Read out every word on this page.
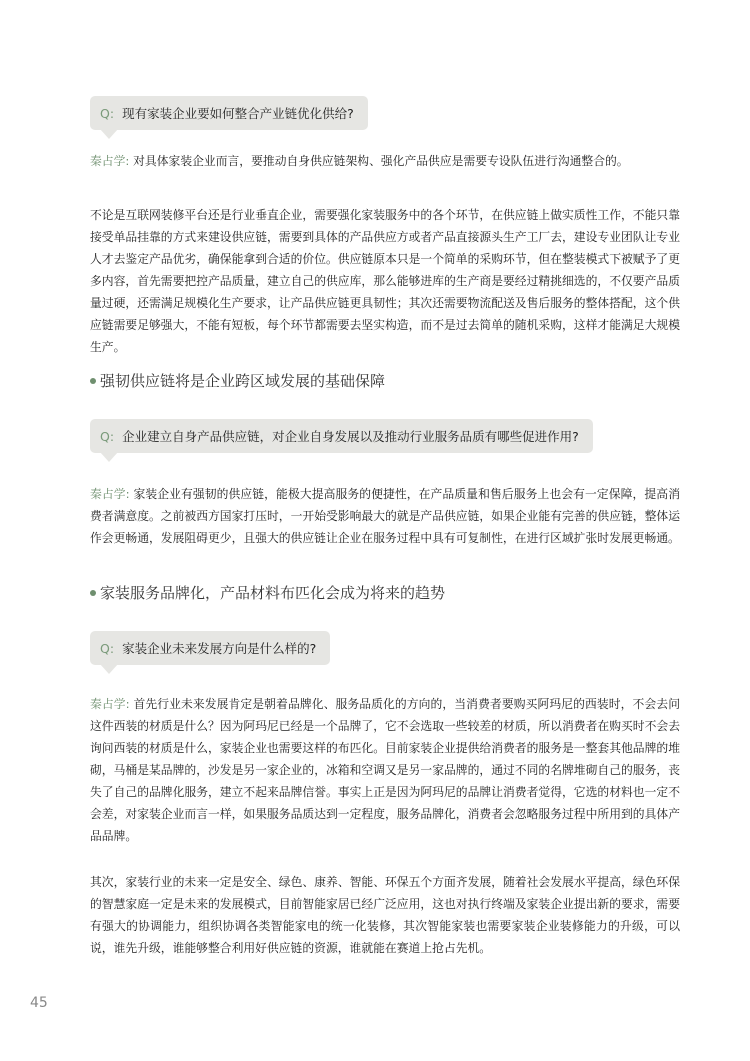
Q: 现有家装企业要如何整合产业链优化供给?

秦占学: 对具体家装企业而言，要推动自身供应链架构、强化产品供应是需要专设队伍进行沟通整合的。

不论是互联网装修平台还是行业垂直企业，需要强化家装服务中的各个环节，在供应链上做实质性工作，不能只靠接受单品挂靠的方式来建设供应链，需要到具体的产品供应方或者产品直接源头生产工厂去，建设专业团队让专业人才去鉴定产品优劣，确保能拿到合适的价位。供应链原本只是一个简单的采购环节，但在整装模式下被赋予了更多内容，首先需要把控产品质量，建立自己的供应库，那么能够进库的生产商是要经过精挑细选的，不仅要产品质量过硬，还需满足规模化生产要求，让产品供应链更具韧性；其次还需要物流配送及售后服务的整体搭配，这个供应链需要足够强大，不能有短板，每个环节都需要去坚实构造，而不是过去简单的随机采购，这样才能满足大规模生产。

强韧供应链将是企业跨区域发展的基础保障
Q: 企业建立自身产品供应链，对企业自身发展以及推动行业服务品质有哪些促进作用?

秦占学: 家装企业有强韧的供应链，能极大提高服务的便捷性，在产品质量和售后服务上也会有一定保障，提高消费者满意度。之前被西方国家打压时，一开始受影响最大的就是产品供应链，如果企业能有完善的供应链，整体运作会更畅通，发展阻碍更少，且强大的供应链让企业在服务过程中具有可复制性，在进行区域扩张时发展更畅通。

家装服务品牌化，产品材料布匹化会成为将来的趋势
Q: 家装企业未来发展方向是什么样的?

秦占学: 首先行业未来发展肯定是朝着品牌化、服务品质化的方向的，当消费者要购买阿玛尼的西装时，不会去问这件西装的材质是什么？因为阿玛尼已经是一个品牌了，它不会选取一些较差的材质，所以消费者在购买时不会去询问西装的材质是什么，家装企业也需要这样的布匹化。目前家装企业提供给消费者的服务是一整套其他品牌的堆砌，马桶是某品牌的，沙发是另一家企业的，冰箱和空调又是另一家品牌的，通过不同的名牌堆砌自己的服务，丧失了自己的品牌化服务，建立不起来品牌信誉。事实上正是因为阿玛尼的品牌让消费者觉得，它选的材料也一定不会差，对家装企业而言一样，如果服务品质达到一定程度，服务品牌化，消费者会忽略服务过程中所用到的具体产品品牌。

其次，家装行业的未来一定是安全、绿色、康养、智能、环保五个方面齐发展，随着社会发展水平提高，绿色环保的智慧家庭一定是未来的发展模式，目前智能家居已经广泛应用，这也对执行终端及家装企业提出新的要求，需要有强大的协调能力，组织协调各类智能家电的统一化装修，其次智能家装也需要家装企业装修能力的升级，可以说，谁先升级，谁能够整合利用好供应链的资源，谁就能在赛道上抢占先机。

45
